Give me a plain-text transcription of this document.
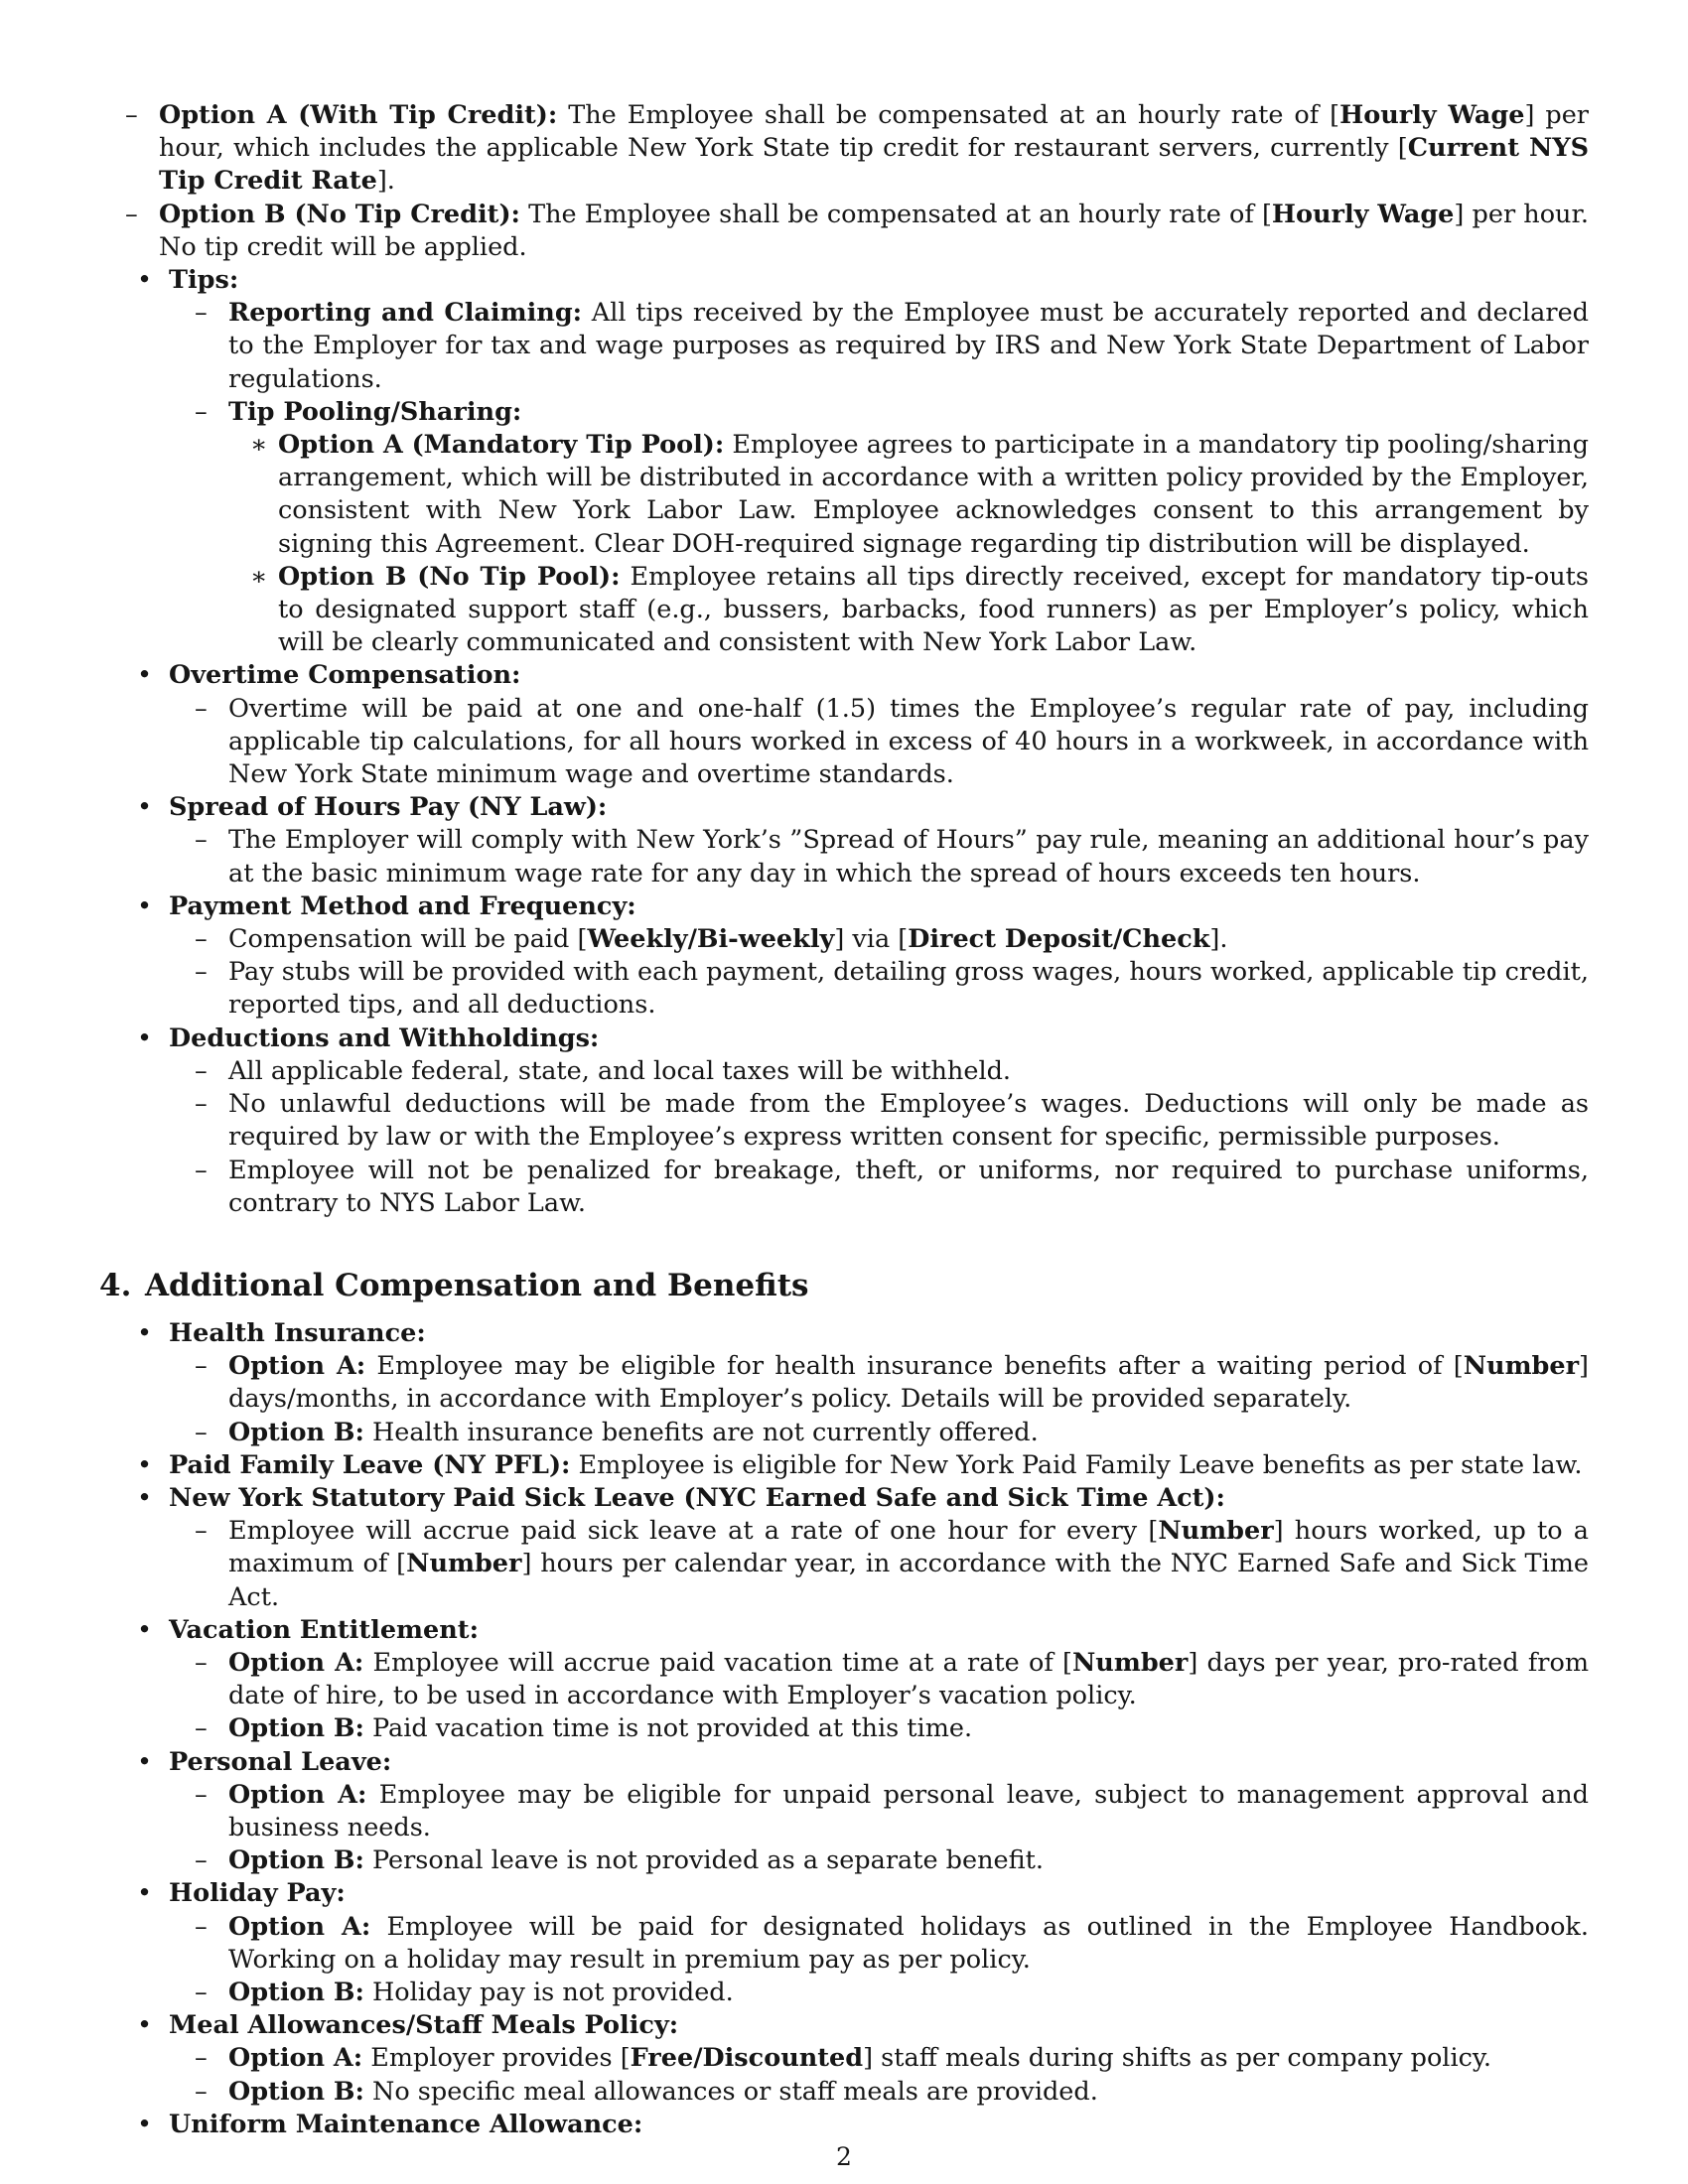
– Option A (With Tip Credit): The Employee shall be compensated at an hourly rate of [Hourly Wage] per hour, which includes the applicable New York State tip credit for restaurant servers, currently [Current NYS Tip Credit Rate].
– Option B (No Tip Credit): The Employee shall be compensated at an hourly rate of [Hourly Wage] per hour. No tip credit will be applied.
• Tips:
– Reporting and Claiming: All tips received by the Employee must be accurately reported and declared to the Employer for tax and wage purposes as required by IRS and New York State Department of Labor regulations.
– Tip Pooling/Sharing:
∗ Option A (Mandatory Tip Pool): Employee agrees to participate in a mandatory tip pooling/sharing arrangement, which will be distributed in accordance with a written policy provided by the Employer, consistent with New York Labor Law. Employee acknowledges consent to this arrangement by signing this Agreement. Clear DOH-required signage regarding tip distribution will be displayed.
∗ Option B (No Tip Pool): Employee retains all tips directly received, except for mandatory tip-outs to designated support staff (e.g., bussers, barbacks, food runners) as per Employer’s policy, which will be clearly communicated and consistent with New York Labor Law.
• Overtime Compensation:
– Overtime will be paid at one and one-half (1.5) times the Employee’s regular rate of pay, including applicable tip calculations, for all hours worked in excess of 40 hours in a workweek, in accordance with New York State minimum wage and overtime standards.
• Spread of Hours Pay (NY Law):
– The Employer will comply with New York’s ”Spread of Hours” pay rule, meaning an additional hour’s pay at the basic minimum wage rate for any day in which the spread of hours exceeds ten hours.
• Payment Method and Frequency:
– Compensation will be paid [Weekly/Bi-weekly] via [Direct Deposit/Check].
– Pay stubs will be provided with each payment, detailing gross wages, hours worked, applicable tip credit, reported tips, and all deductions.
• Deductions and Withholdings:
– All applicable federal, state, and local taxes will be withheld.
– No unlawful deductions will be made from the Employee’s wages. Deductions will only be made as required by law or with the Employee’s express written consent for specific, permissible purposes.
– Employee will not be penalized for breakage, theft, or uniforms, nor required to purchase uniforms, contrary to NYS Labor Law.
4. Additional Compensation and Benefits
• Health Insurance:
– Option A: Employee may be eligible for health insurance benefits after a waiting period of [Number] days/months, in accordance with Employer’s policy. Details will be provided separately.
– Option B: Health insurance benefits are not currently offered.
• Paid Family Leave (NY PFL): Employee is eligible for New York Paid Family Leave benefits as per state law.
• New York Statutory Paid Sick Leave (NYC Earned Safe and Sick Time Act):
– Employee will accrue paid sick leave at a rate of one hour for every [Number] hours worked, up to a maximum of [Number] hours per calendar year, in accordance with the NYC Earned Safe and Sick Time Act.
• Vacation Entitlement:
– Option A: Employee will accrue paid vacation time at a rate of [Number] days per year, pro-rated from date of hire, to be used in accordance with Employer’s vacation policy.
– Option B: Paid vacation time is not provided at this time.
• Personal Leave:
– Option A: Employee may be eligible for unpaid personal leave, subject to management approval and business needs.
– Option B: Personal leave is not provided as a separate benefit.
• Holiday Pay:
– Option A: Employee will be paid for designated holidays as outlined in the Employee Handbook. Working on a holiday may result in premium pay as per policy.
– Option B: Holiday pay is not provided.
• Meal Allowances/Staff Meals Policy:
– Option A: Employer provides [Free/Discounted] staff meals during shifts as per company policy.
– Option B: No specific meal allowances or staff meals are provided.
• Uniform Maintenance Allowance:
2
